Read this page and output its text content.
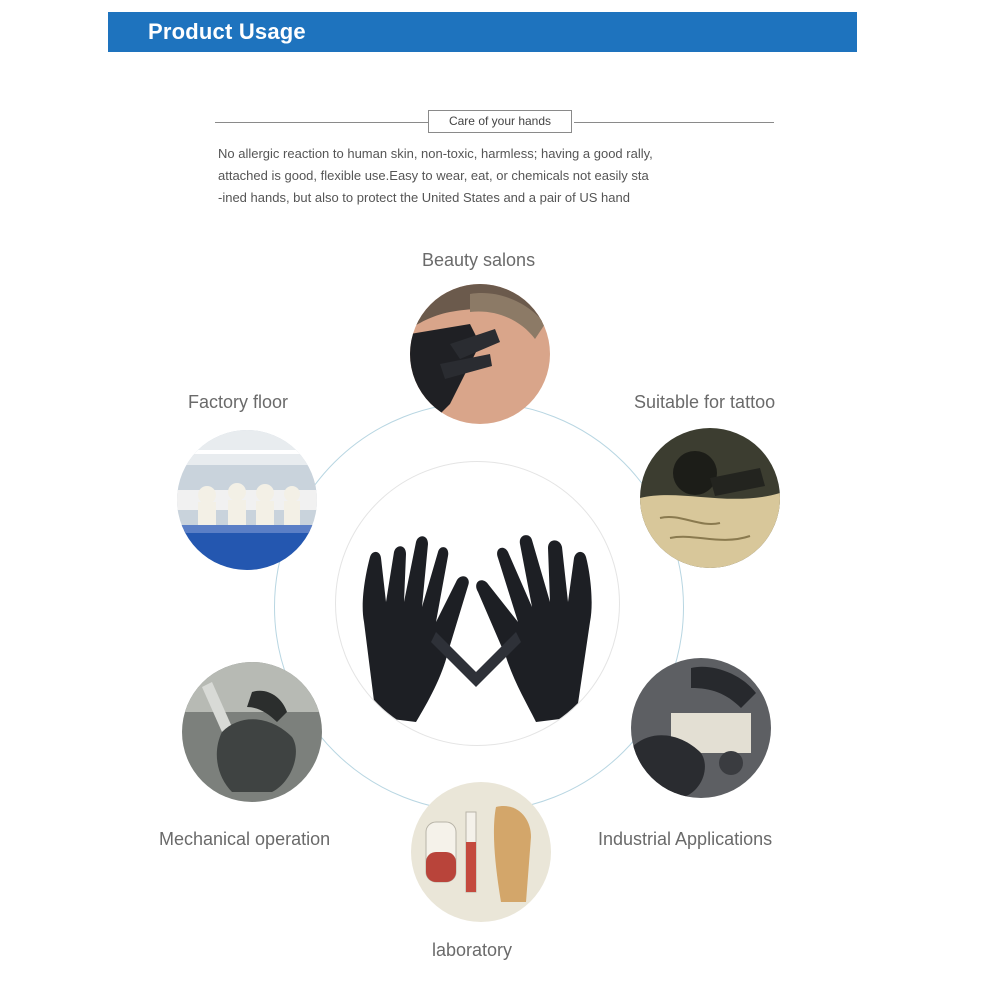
Product Usage
Care of your hands
No allergic reaction to human skin, non-toxic, harmless; having a good rally,
attached is good, flexible use.Easy to wear, eat, or chemicals not easily sta
-ined hands, but also to protect the United States and a pair of US hand
Beauty salons
Factory floor	Suitable for tattoo
Mechanical operation	Industrial Applications
laboratory
